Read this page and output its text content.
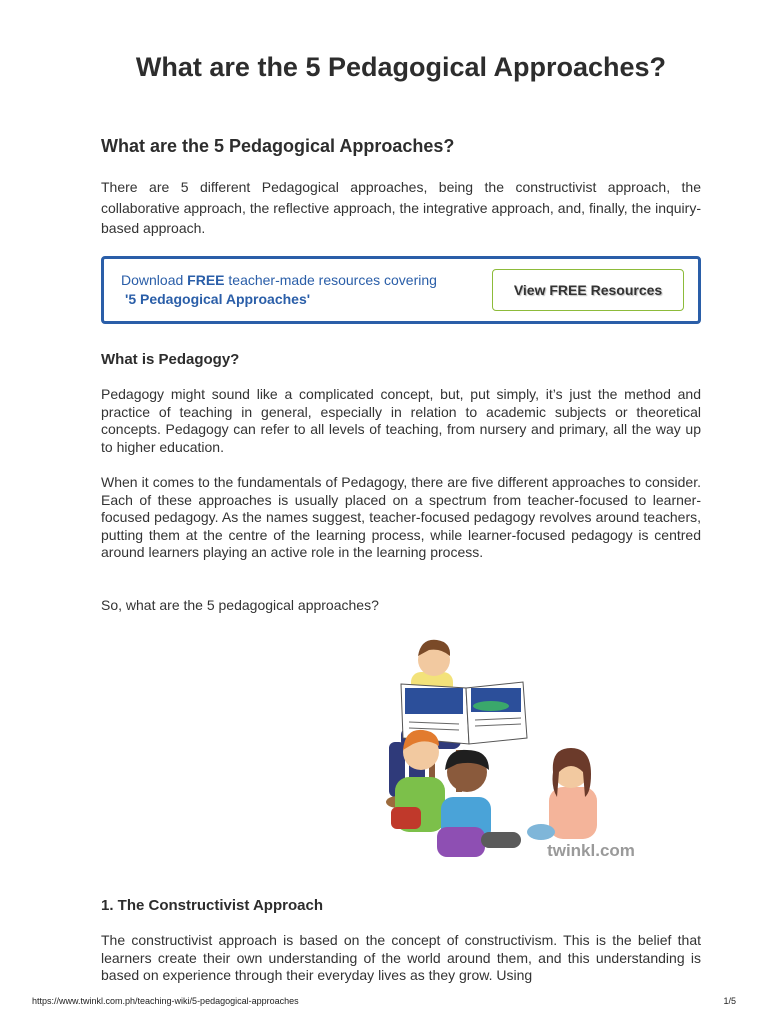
What are the 5 Pedagogical Approaches?
What are the 5 Pedagogical Approaches?

There are 5 different Pedagogical approaches, being the constructivist approach, the collaborative approach, the reflective approach, the integrative approach, and, finally, the inquiry-based approach.

Download FREE teacher-made resources covering
'5 Pedagogical Approaches'
View FREE Resources
What is Pedagogy?

Pedagogy might sound like a complicated concept, but, put simply, it’s just the method and practice of teaching in general, especially in relation to academic subjects or theoretical concepts. Pedagogy can refer to all levels of teaching, from nursery and primary, all the way up to higher education.

When it comes to the fundamentals of Pedagogy, there are five different approaches to consider. Each of these approaches is usually placed on a spectrum from teacher-focused to learner-focused pedagogy. As the names suggest, teacher-focused pedagogy revolves around teachers, putting them at the centre of the learning process, while learner-focused pedagogy is centred around learners playing an active role in the learning process.

So, what are the 5 pedagogical approaches?

twinkl.com
1. The Constructivist Approach

The constructivist approach is based on the concept of constructivism. This is the belief that learners create their own understanding of the world around them, and this understanding is based on experience through their everyday lives as they grow. Using

https://www.twinkl.com.ph/teaching-wiki/5-pedagogical-approaches	1/5
